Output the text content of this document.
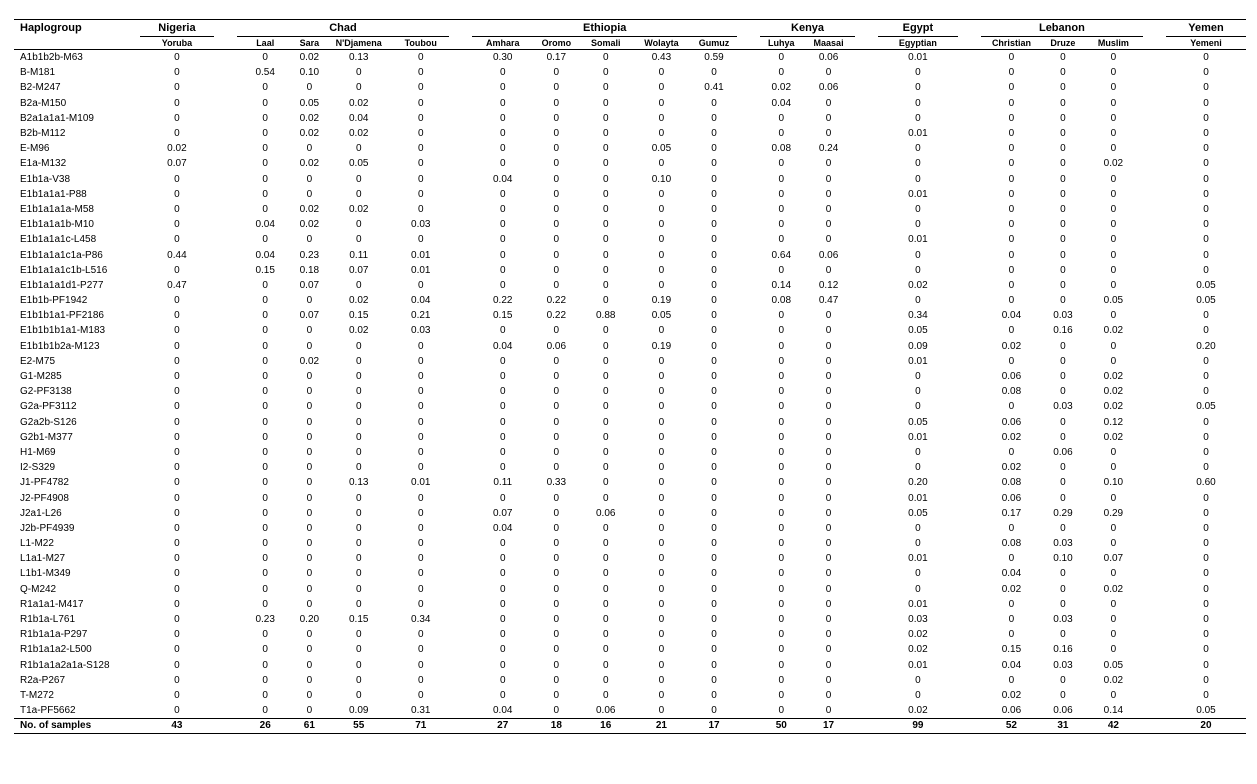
Haplogroup	Nigeria		Chad					Ethiopia						Kenya			Egypt		Lebanon				Yemen
	Yoruba		Laal	Sara	N'Djamena	Toubou		Amhara	Oromo	Somali	Wolayta	Gumuz		Luhya	Maasai		Egyptian		Christian	Druze	Muslim		Yemeni
A1b1b2b-M63	0		0	0.02	0.13	0		0.30	0.17	0	0.43	0.59		0	0.06		0.01		0	0	0		0
B-M181	0		0.54	0.10	0	0		0	0	0	0	0		0	0		0		0	0	0		0
B2-M247	0		0	0	0	0		0	0	0	0	0.41		0.02	0.06		0		0	0	0		0
B2a-M150	0		0	0.05	0.02	0		0	0	0	0	0		0.04	0		0		0	0	0		0
B2a1a1a1-M109	0		0	0.02	0.04	0		0	0	0	0	0		0	0		0		0	0	0		0
B2b-M112	0		0	0.02	0.02	0		0	0	0	0	0		0	0		0.01		0	0	0		0
E-M96	0.02		0	0	0	0		0	0	0	0.05	0		0.08	0.24		0		0	0	0		0
E1a-M132	0.07		0	0.02	0.05	0		0	0	0	0	0		0	0		0		0	0	0.02		0
E1b1a-V38	0		0	0	0	0		0.04	0	0	0.10	0		0	0		0		0	0	0		0
E1b1a1a1-P88	0		0	0	0	0		0	0	0	0	0		0	0		0.01		0	0	0		0
E1b1a1a1a-M58	0		0	0.02	0.02	0		0	0	0	0	0		0	0		0		0	0	0		0
E1b1a1a1b-M10	0		0.04	0.02	0	0.03		0	0	0	0	0		0	0		0		0	0	0		0
E1b1a1a1c-L458	0		0	0	0	0		0	0	0	0	0		0	0		0.01		0	0	0		0
E1b1a1a1c1a-P86	0.44		0.04	0.23	0.11	0.01		0	0	0	0	0		0.64	0.06		0		0	0	0		0
E1b1a1a1c1b-L516	0		0.15	0.18	0.07	0.01		0	0	0	0	0		0	0		0		0	0	0		0
E1b1a1a1d1-P277	0.47		0	0.07	0	0		0	0	0	0	0		0.14	0.12		0.02		0	0	0		0.05
E1b1b-PF1942	0		0	0	0.02	0.04		0.22	0.22	0	0.19	0		0.08	0.47		0		0	0	0.05		0.05
E1b1b1a1-PF2186	0		0	0.07	0.15	0.21		0.15	0.22	0.88	0.05	0		0	0		0.34		0.04	0.03	0		0
E1b1b1b1a1-M183	0		0	0	0.02	0.03		0	0	0	0	0		0	0		0.05		0	0.16	0.02		0
E1b1b1b2a-M123	0		0	0	0	0		0.04	0.06	0	0.19	0		0	0		0.09		0.02	0	0		0.20
E2-M75	0		0	0.02	0	0		0	0	0	0	0		0	0		0.01		0	0	0		0
G1-M285	0		0	0	0	0		0	0	0	0	0		0	0		0		0.06	0	0.02		0
G2-PF3138	0		0	0	0	0		0	0	0	0	0		0	0		0		0.08	0	0.02		0
G2a-PF3112	0		0	0	0	0		0	0	0	0	0		0	0		0		0	0.03	0.02		0.05
G2a2b-S126	0		0	0	0	0		0	0	0	0	0		0	0		0.05		0.06	0	0.12		0
G2b1-M377	0		0	0	0	0		0	0	0	0	0		0	0		0.01		0.02	0	0.02		0
H1-M69	0		0	0	0	0		0	0	0	0	0		0	0		0		0	0.06	0		0
I2-S329	0		0	0	0	0		0	0	0	0	0		0	0		0		0.02	0	0		0
J1-PF4782	0		0	0	0.13	0.01		0.11	0.33	0	0	0		0	0		0.20		0.08	0	0.10		0.60
J2-PF4908	0		0	0	0	0		0	0	0	0	0		0	0		0.01		0.06	0	0		0
J2a1-L26	0		0	0	0	0		0.07	0	0.06	0	0		0	0		0.05		0.17	0.29	0.29		0
J2b-PF4939	0		0	0	0	0		0.04	0	0	0	0		0	0		0		0	0	0		0
L1-M22	0		0	0	0	0		0	0	0	0	0		0	0		0		0.08	0.03	0		0
L1a1-M27	0		0	0	0	0		0	0	0	0	0		0	0		0.01		0	0.10	0.07		0
L1b1-M349	0		0	0	0	0		0	0	0	0	0		0	0		0		0.04	0	0		0
Q-M242	0		0	0	0	0		0	0	0	0	0		0	0		0		0.02	0	0.02		0
R1a1a1-M417	0		0	0	0	0		0	0	0	0	0		0	0		0.01		0	0	0		0
R1b1a-L761	0		0.23	0.20	0.15	0.34		0	0	0	0	0		0	0		0.03		0	0.03	0		0
R1b1a1a-P297	0		0	0	0	0		0	0	0	0	0		0	0		0.02		0	0	0		0
R1b1a1a2-L500	0		0	0	0	0		0	0	0	0	0		0	0		0.02		0.15	0.16	0		0
R1b1a1a2a1a-S128	0		0	0	0	0		0	0	0	0	0		0	0		0.01		0.04	0.03	0.05		0
R2a-P267	0		0	0	0	0		0	0	0	0	0		0	0		0		0	0	0.02		0
T-M272	0		0	0	0	0		0	0	0	0	0		0	0		0		0.02	0	0		0
T1a-PF5662	0		0	0	0.09	0.31		0.04	0	0.06	0	0		0	0		0.02		0.06	0.06	0.14		0.05
No. of samples	43		26	61	55	71		27	18	16	21	17		50	17		99		52	31	42		20
